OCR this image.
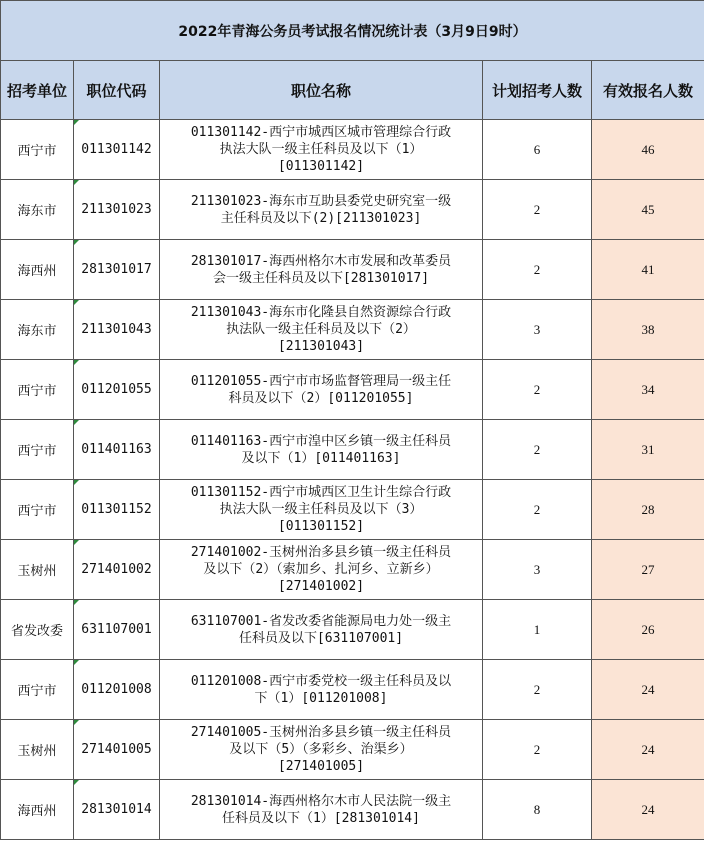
2022年青海公务员考试报名情况统计表（3月9日9时）				
招考单位	职位代码	职位名称	计划招考人数	有效报名人数
西宁市	011301142	011301142-西宁市城西区城市管理综合行政
执法大队一级主任科员及以下（1）
[011301142]	6	46
海东市	211301023	211301023-海东市互助县委党史研究室一级
主任科员及以下(2)[211301023]	2	45
海西州	281301017	281301017-海西州格尔木市发展和改革委员
会一级主任科员及以下[281301017]	2	41
海东市	211301043	211301043-海东市化隆县自然资源综合行政
执法队一级主任科员及以下（2）
[211301043]	3	38
西宁市	011201055	011201055-西宁市市场监督管理局一级主任
科员及以下（2）[011201055]	2	34
西宁市	011401163	011401163-西宁市湟中区乡镇一级主任科员
及以下（1）[011401163]	2	31
西宁市	011301152	011301152-西宁市城西区卫生计生综合行政
执法大队一级主任科员及以下（3）
[011301152]	2	28
玉树州	271401002	271401002-玉树州治多县乡镇一级主任科员
及以下（2）（索加乡、扎河乡、立新乡）
[271401002]	3	27
省发改委	631107001	631107001-省发改委省能源局电力处一级主
任科员及以下[631107001]	1	26
西宁市	011201008	011201008-西宁市委党校一级主任科员及以
下（1）[011201008]	2	24
玉树州	271401005	271401005-玉树州治多县乡镇一级主任科员
及以下（5）（多彩乡、治渠乡）
[271401005]	2	24
海西州	281301014	281301014-海西州格尔木市人民法院一级主
任科员及以下（1）[281301014]	8	24
